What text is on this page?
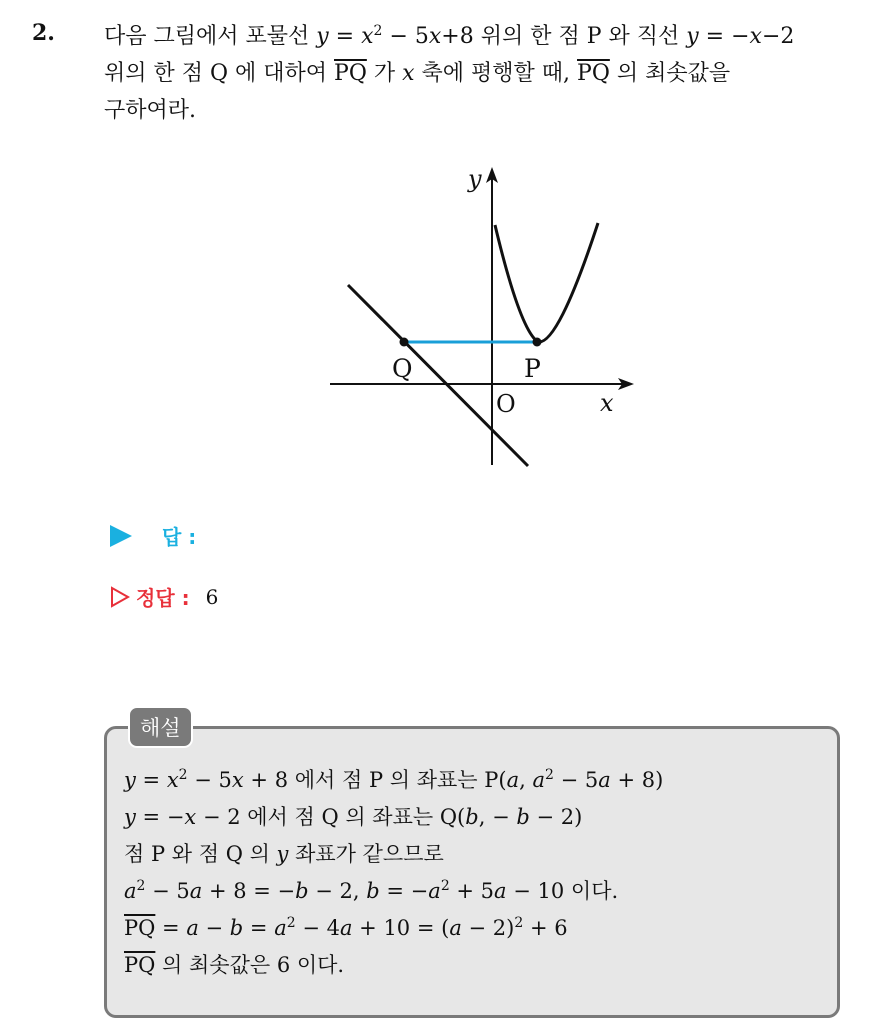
2. 다음 그림에서 포물선 $y = x^2 - 5x+8$ 위의 한 점 P 와 직선 y = −x−2
위의 한 점 Q 에 대하여 $\overline{PQ}$ 가 x 축에 평행할 때, $\overline{PQ}$ 의 최솟값을
구하여라.
Q	P
O	x
y
답 :
정답 : 6
해설
$y = x^2 - 5x + 8$ 에서 점 P 의 좌표는 P(a, $a^2 - 5a + 8$)
y = −x − 2 에서 점 Q 의 좌표는 Q(b, − b − 2)
점 P 와 점 Q 의 y 좌표가 같으므로
$a^2 - 5a + 8 = -b - 2$, $b = -a^2 + 5a - 10$ 이다.
$\overline{PQ} = a - b = a^2 - 4a + 10 = (a - 2)^2 + 6$
$\overline{PQ}$ 의 최솟값은 6 이다.
